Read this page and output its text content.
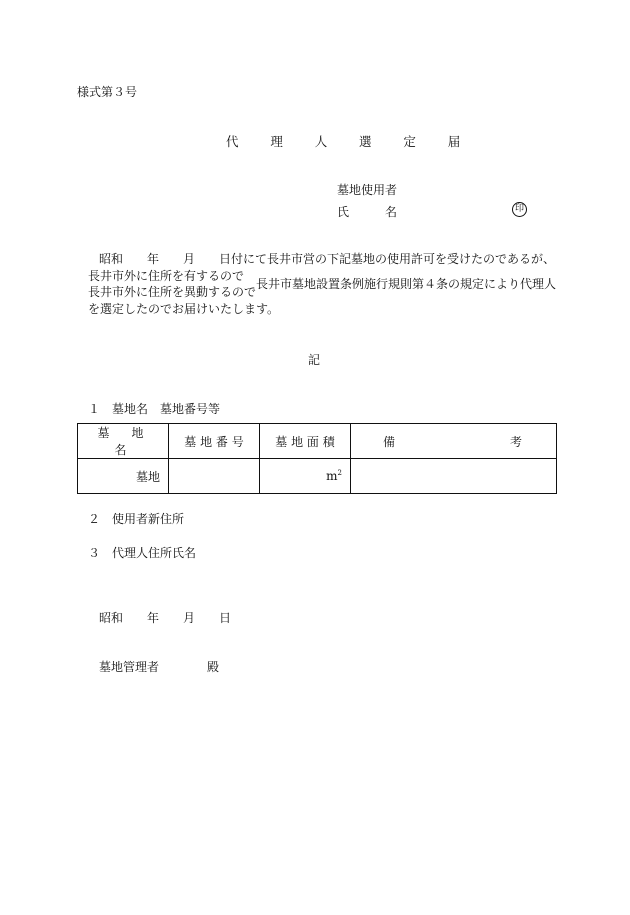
様式第３号
代	理	人	選	定	届
墓地使用者
氏　　　名	印
昭和　　年　　月　　日付にて長井市営の下記墓地の使用許可を受けたのであるが、
長井市外に住所を有するので
長井市外に住所を異動するので
長井市墓地設置条例施行規則第４条の規定により代理人
を選定したのでお届けいたします。
記
１　墓地名　墓地番号等
墓　地　名	墓 地 番 号	墓 地 面 積	備 考

墓地		$m^2$	
２　使用者新住所
３　代理人住所氏名
昭和　　年　　月　　日
墓地管理者	殿
